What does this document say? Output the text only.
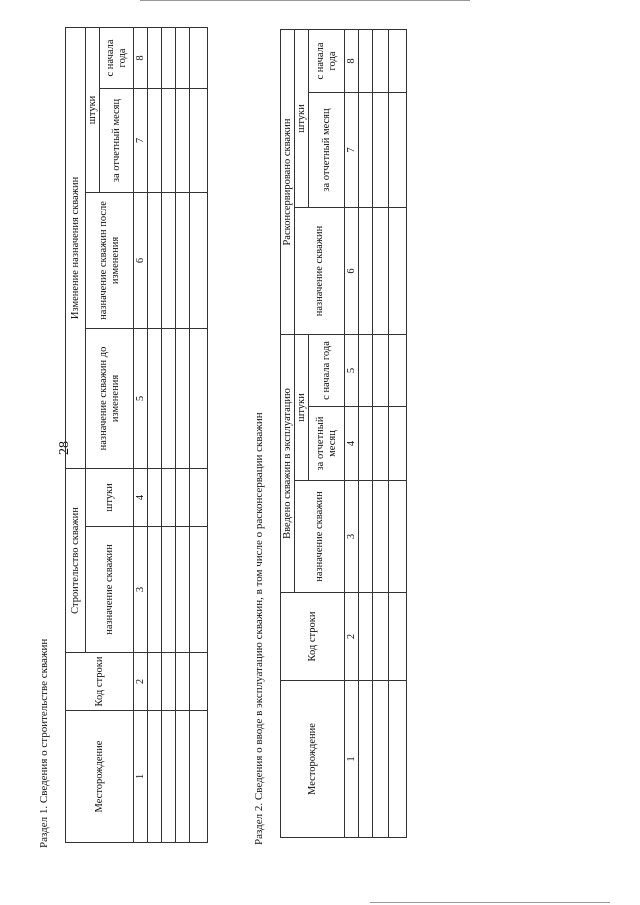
28
Раздел 1. Сведения о строительстве скважин	Месторождение	Код строки	Строительство скважин		Изменение назначения скважин			
		назначение скважин	штуки	назначение скважин до изменения	назначение скважин после изменения	штуки	
						за отчетный месяц	с начала года
1	2	3	4	5	6	7	8

Раздел 2. Сведения о вводе в эксплуатацию скважин, в том числе о расконсервации скважин	Месторождение	Код строки	Введено скважин в эксплуатацию			Расконсервировано скважин		
		назначение скважин	штуки		назначение скважин	штуки	
			за отчетный месяц	с начала года		за отчетный месяц	с начала года
1	2	3	4	5	6	7	8
